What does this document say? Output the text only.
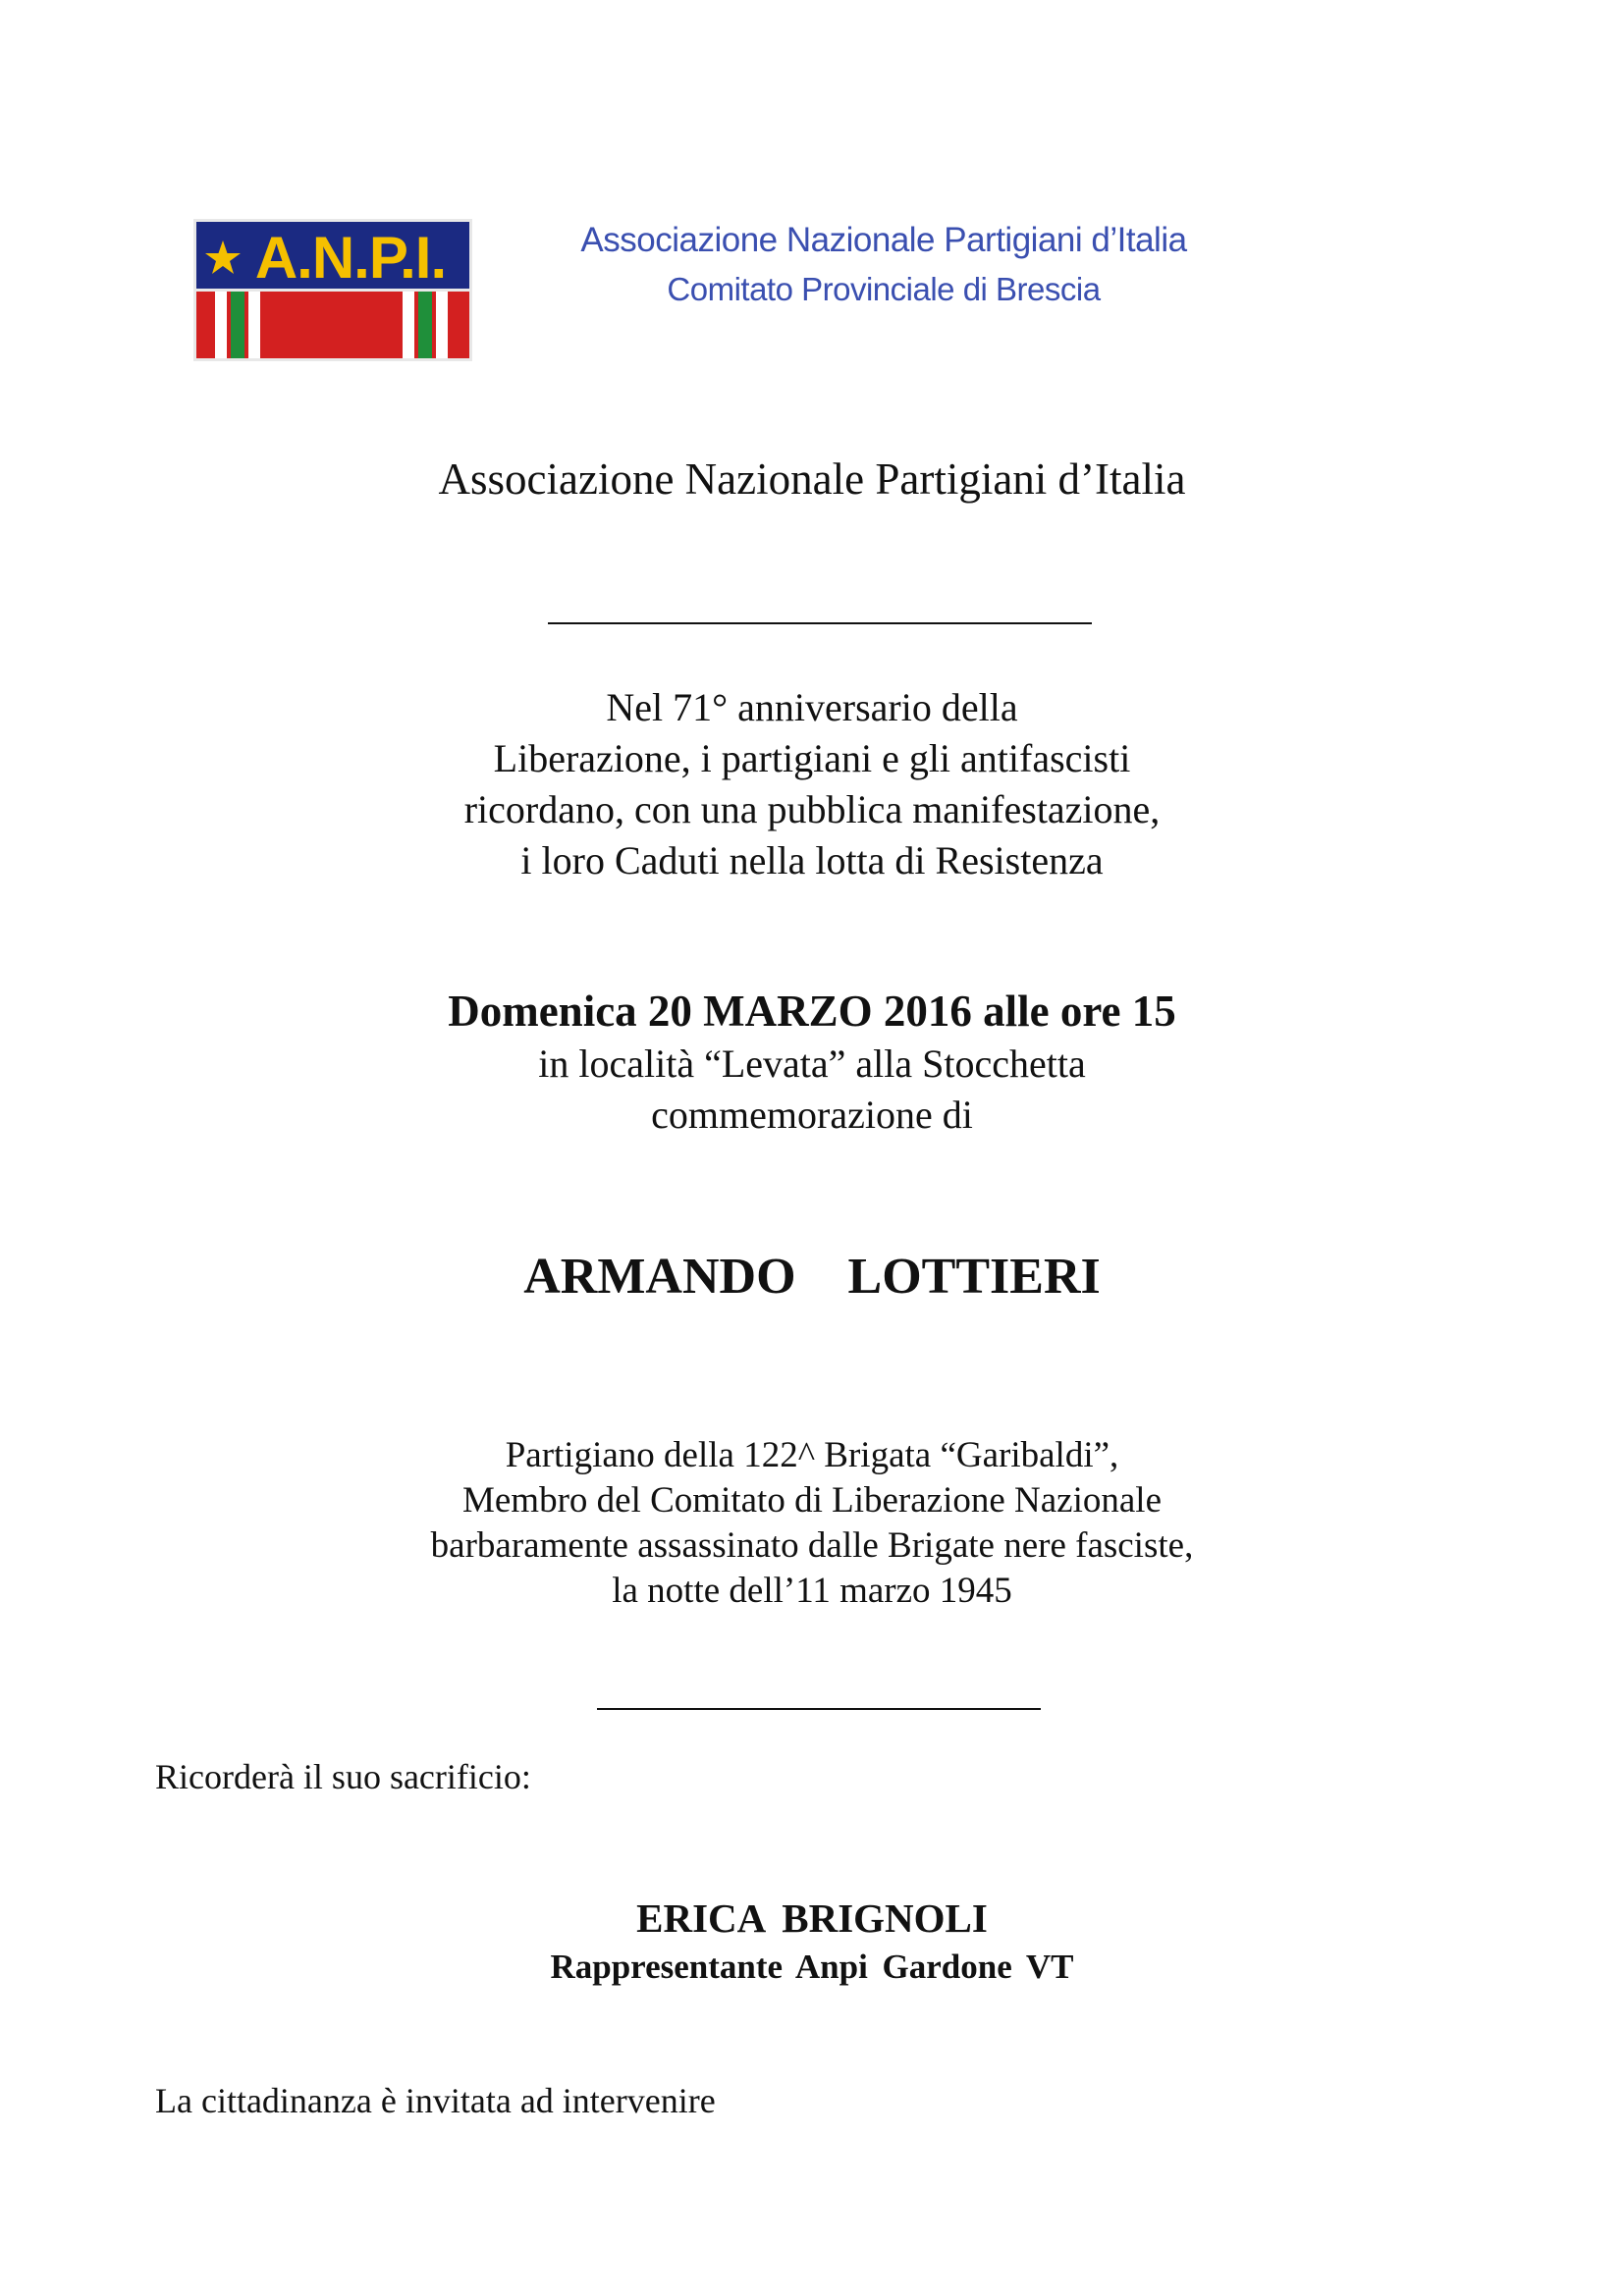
A.N.P.I.	Associazione Nazionale Partigiani d’Italia
Comitato Provinciale di Brescia
Associazione Nazionale Partigiani d’Italia
Nel 71° anniversario della
Liberazione, i partigiani e gli antifascisti
ricordano, con una pubblica manifestazione,
i loro Caduti nella lotta di Resistenza
Domenica 20 MARZO 2016 alle ore 15
in località “Levata” alla Stocchetta
commemorazione di
ARMANDO LOTTIERI
Partigiano della 122^ Brigata “Garibaldi”,
Membro del Comitato di Liberazione Nazionale
barbaramente assassinato dalle Brigate nere fasciste,
la notte dell’11 marzo 1945
Ricorderà il suo sacrificio:
ERICA BRIGNOLI
Rappresentante Anpi Gardone VT
La cittadinanza è invitata ad intervenire
